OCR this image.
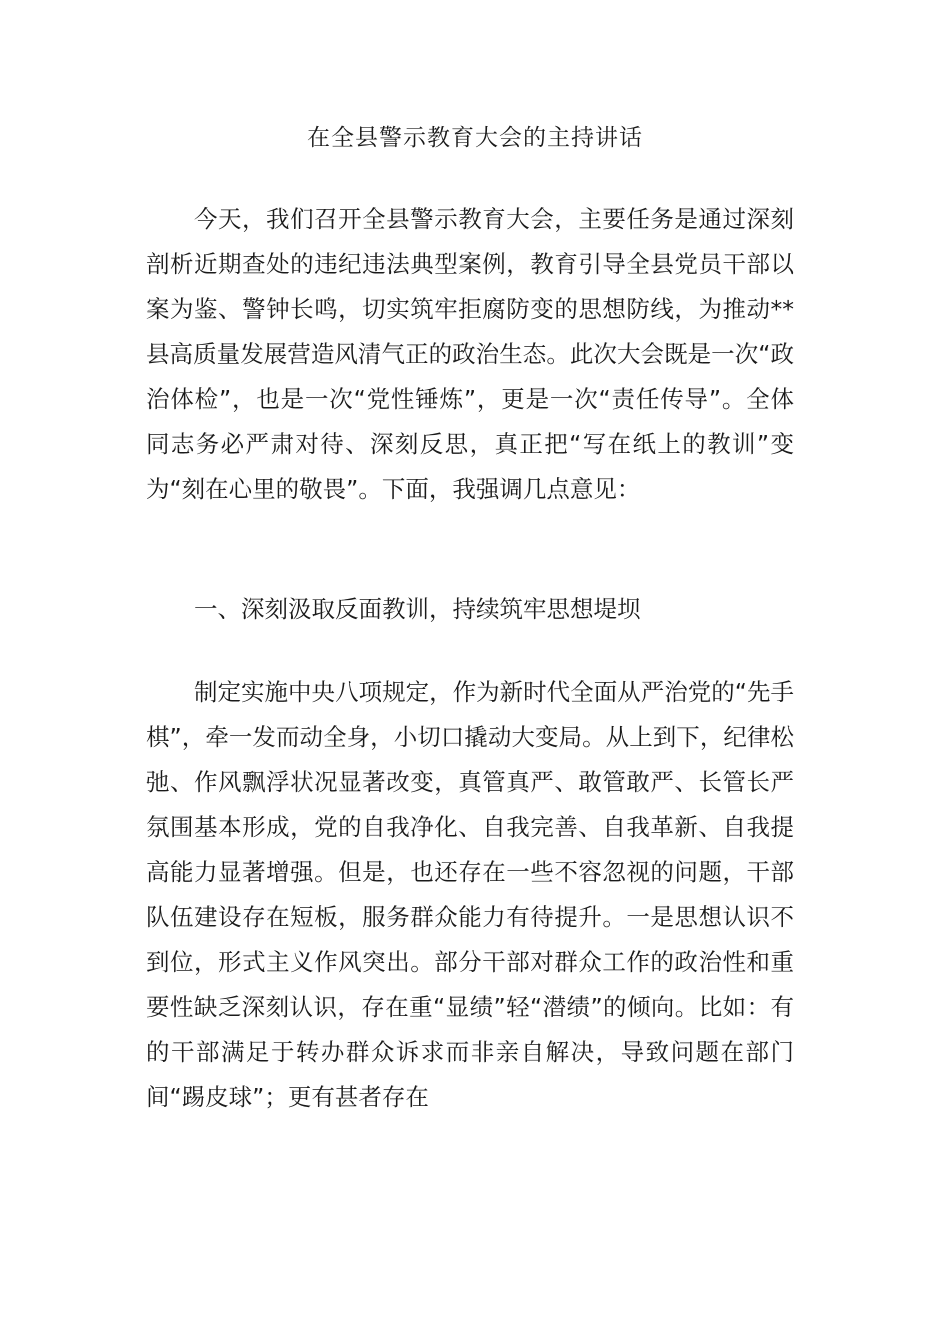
在全县警示教育大会的主持讲话

今天，我们召开全县警示教育大会，主要任务是通过深刻剖析近期查处的违纪违法典型案例，教育引导全县党员干部以案为鉴、警钟长鸣，切实筑牢拒腐防变的思想防线，为推动**县高质量发展营造风清气正的政治生态。此次大会既是一次“政治体检”，也是一次“党性锤炼”，更是一次“责任传导”。全体同志务必严肃对待、深刻反思，真正把“写在纸上的教训”变为“刻在心里的敬畏”。下面，我强调几点意见：

一、深刻汲取反面教训，持续筑牢思想堤坝

制定实施中央八项规定，作为新时代全面从严治党的“先手棋”，牵一发而动全身，小切口撬动大变局。从上到下，纪律松弛、作风飘浮状况显著改变，真管真严、敢管敢严、长管长严氛围基本形成，党的自我净化、自我完善、自我革新、自我提高能力显著增强。但是，也还存在一些不容忽视的问题，干部队伍建设存在短板，服务群众能力有待提升。一是思想认识不到位，形式主义作风突出。部分干部对群众工作的政治性和重要性缺乏深刻认识，存在重“显绩”轻“潜绩”的倾向。比如：有的干部满足于转办群众诉求而非亲自解决，导致问题在部门间“踢皮球”；更有甚者存在
